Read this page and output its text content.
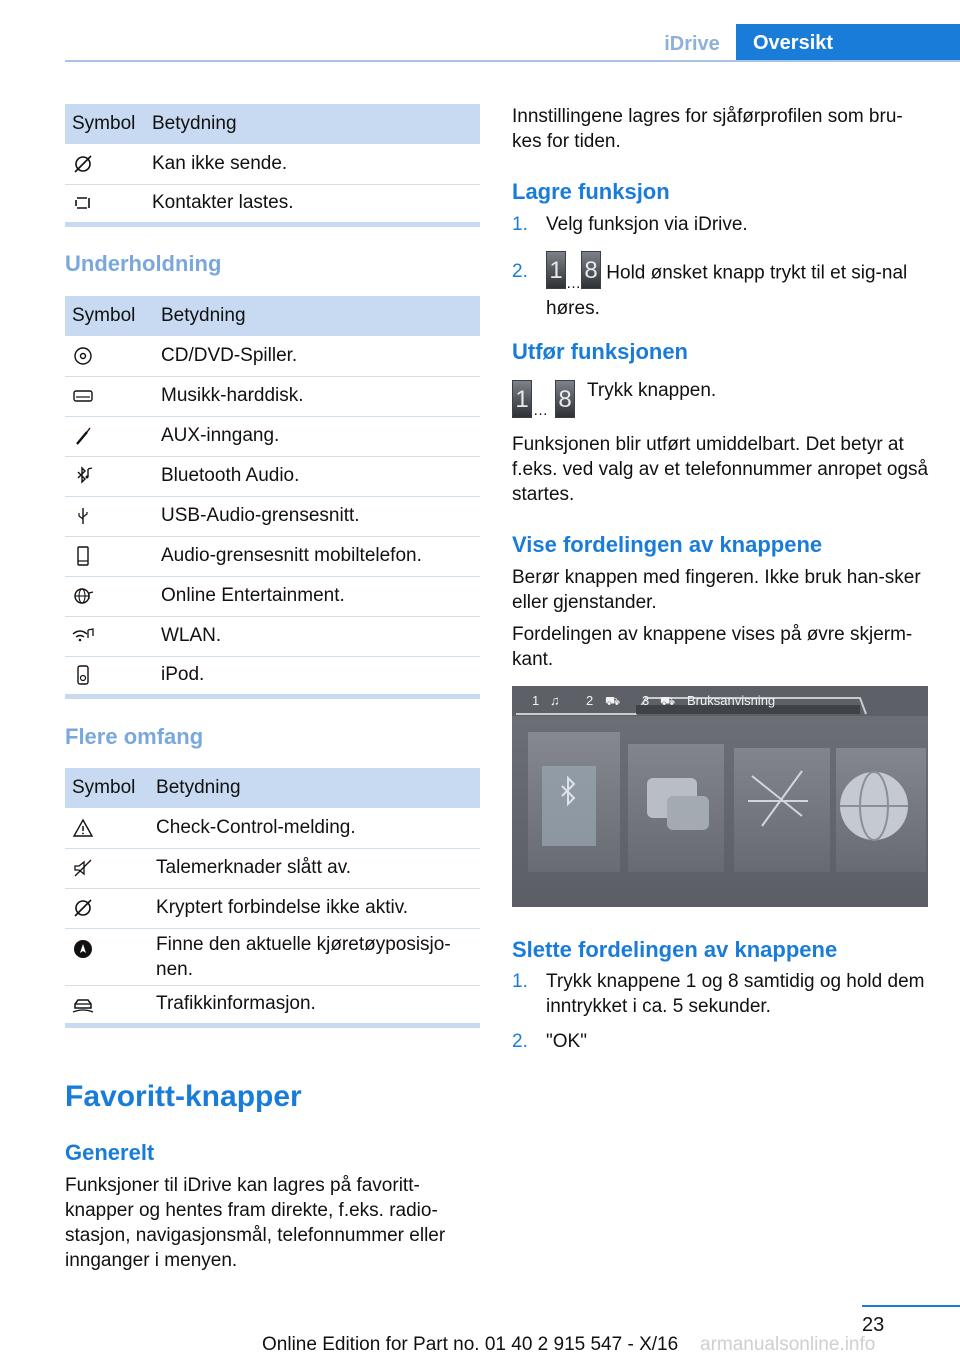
iDrive	Oversikt
Symbol	Betydning
	Kan ikke sende.
	Kontakter lastes.
Underholdning
Symbol	Betydning
	CD/DVD-Spiller.
	Musikk-harddisk.
	AUX-inngang.
	Bluetooth Audio.
	USB-Audio-grensesnitt.
	Audio-grensesnitt mobiltelefon.
	Online Entertainment.
	WLAN.
	iPod.
Flere omfang
Symbol	Betydning
	Check-Control-melding.
	Talemerknader slått av.
	Kryptert forbindelse ikke aktiv.
	Finne den aktuelle kjøretøyposisjo-nen.
	Trafikkinformasjon.
Favoritt-knapper
Generelt
Funksjoner til iDrive kan lagres på favoritt-knapper og hentes fram direkte, f.eks. radio-stasjon, navigasjonsmål, telefonnummer eller innganger i menyen.
Innstillingene lagres for sjåførprofilen som bru-kes for tiden.
Lagre funksjon
1. Velg funksjon via iDrive.
2. 1 … 8 Hold ønsket knapp trykt til et sig-nal høres.
Utfør funksjonen
1 … 8 Trykk knappen.
Funksjonen blir utført umiddelbart. Det betyr at f.eks. ved valg av et telefonnummer anropet også startes.
Vise fordelingen av knappene
Berør knappen med fingeren. Ikke bruk han-sker eller gjenstander.
Fordelingen av knappene vises på øvre skjerm-kant.
1 ♫ 2 ⛟ 3 ⛟ Bruksanvisning
Slette fordelingen av knappene
1. Trykk knappene 1 og 8 samtidig og hold dem inntrykket i ca. 5 sekunder.
2. "OK"
23
Online Edition for Part no. 01 40 2 915 547 - X/16 armanualsonline.info
